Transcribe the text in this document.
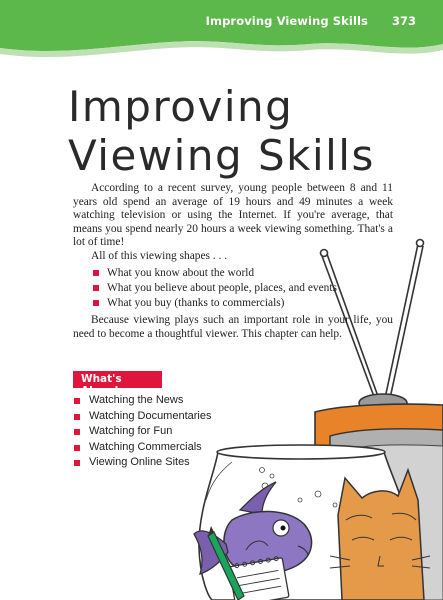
Improving Viewing Skills 373
Improving
Viewing Skills

According to a recent survey, young people between 8 and 11 years old spend an average of 19 hours and 49 minutes a week watching television or using the Internet. If you're average, that means you spend nearly 20 hours a week viewing something. That's a lot of time!

All of this viewing shapes . . .

What you know about the world
What you believe about people, places, and events
What you buy (thanks to commercials)

Because viewing plays such an important role in your life, you need to become a thoughtful viewer. This chapter can help.

What's Ahead
Watching the News
Watching Documentaries
Watching for Fun
Watching Commercials
Viewing Online Sites
